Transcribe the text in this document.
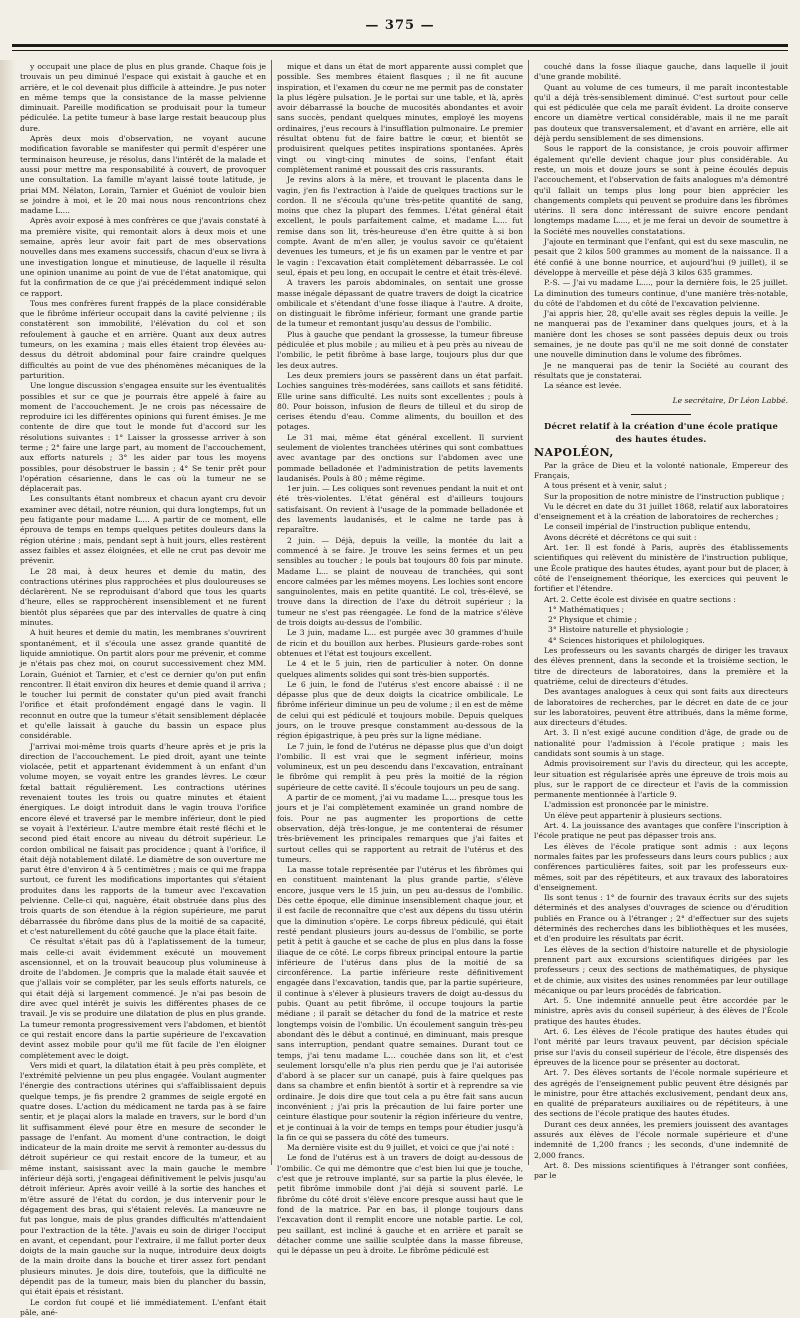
— 375 —

y occupait une place de plus en plus grande. Chaque fois je trouvais un peu diminué l'espace qui existait à gauche et en arrière, et le col devenait plus difficile à atteindre. Je pus noter en même temps que la consistance de la masse pelvienne diminuait. Pareille modification se produisait pour la tumeur pédiculée. La petite tumeur à base large restait beaucoup plus dure.

Après deux mois d'observation, ne voyant aucune modification favorable se manifester qui permît d'espérer une terminaison heureuse, je résolus, dans l'intérêt de la malade et aussi pour mettre ma responsabilité à couvert, de provoquer une consultation. La famille m'ayant laissé toute latitude, je priai MM. Nélaton, Lorain, Tarnier et Guéniot de vouloir bien se joindre à moi, et le 20 mai nous nous rencontrions chez madame L....

Après avoir exposé à mes confrères ce que j'avais constaté à ma première visite, qui remontait alors à deux mois et une semaine, après leur avoir fait part de mes observations nouvelles dans mes examens successifs, chacun d'eux se livra à une investigation longue et minutieuse, de laquelle il résulta une opinion unanime au point de vue de l'état anatomique, qui fut la confirmation de ce que j'ai précédemment indiqué selon ce rapport.

Tous mes confrères furent frappés de la place considérable que le fibrôme inférieur occupait dans la cavité pelvienne ; ils constatèrent son immobilité, l'élévation du col et son refoulement à gauche et en arrière. Quant aux deux autres tumeurs, on les examina ; mais elles étaient trop élevées au-dessus du détroit abdominal pour faire craindre quelques difficultés au point de vue des phénomènes mécaniques de la parturition.

Une longue discussion s'engagea ensuite sur les éventualités possibles et sur ce que je pourrais être appelé à faire au moment de l'accouchement. Je ne crois pas nécessaire de reproduire ici les différentes opinions qui furent émises. Je me contente de dire que tout le monde fut d'accord sur les résolutions suivantes : 1° Laisser la grossesse arriver à son terme ; 2° faire une large part, au moment de l'accouchement, aux efforts naturels ; 3° les aider par tous les moyens possibles, pour désobstruer le bassin ; 4° Se tenir prêt pour l'opération césarienne, dans le cas où la tumeur ne se déplacerait pas.

Les consultants étant nombreux et chacun ayant cru devoir examiner avec détail, notre réunion, qui dura longtemps, fut un peu fatigante pour madame L.... A partir de ce moment, elle éprouva de temps en temps quelques petites douleurs dans la région utérine ; mais, pendant sept à huit jours, elles restèrent assez faibles et assez éloignées, et elle ne crut pas devoir me prévenir.

Le 28 mai, à deux heures et demie du matin, des contractions utérines plus rapprochées et plus douloureuses se déclarèrent. Ne se reproduisant d'abord que tous les quarts d'heure, elles se rapprochèrent insensiblement et ne furent bientôt plus séparées que par des intervalles de quatre à cinq minutes.

A huit heures et demie du matin, les membranes s'ouvrirent spontanément, et il s'écoula une assez grande quantité de liquide amniotique. On partit alors pour me prévenir, et comme je n'étais pas chez moi, on courut successivement chez MM. Lorain, Guéniot et Tarnier, et c'est ce dernier qu'on put enfin rencontrer. Il était environ dix heures et demie quand il arriva ; le toucher lui permit de constater qu'un pied avait franchi l'orifice et était profondément engagé dans le vagin. Il reconnut en outre que la tumeur s'était sensiblement déplacée et qu'elle laissait à gauche du bassin un espace plus considérable.

J'arrivai moi-même trois quarts d'heure après et je pris la direction de l'accouchement. Le pied droit, ayant une teinte violacée, petit et appartenant évidemment à un enfant d'un volume moyen, se voyait entre les grandes lèvres. Le cœur fœtal battait régulièrement. Les contractions utérines revenaient toutes les trois ou quatre minutes et étaient énergiques. Le doigt introduit dans le vagin trouva l'orifice encore élevé et traversé par le membre inférieur, dont le pied se voyait à l'extérieur. L'autre membre était resté fléchi et le second pied était encore au niveau du détroit supérieur. Le cordon ombilical ne faisait pas procidence ; quant à l'orifice, il était déjà notablement dilaté. Le diamètre de son ouverture me parut être d'environ 4 à 5 centimètres ; mais ce qui me frappa surtout, ce furent les modifications importantes qui s'étaient produites dans les rapports de la tumeur avec l'excavation pelvienne. Celle-ci qui, naguère, était obstruée dans plus des trois quarts de son étendue à la région supérieure, me parut débarrassée du fibrôme dans plus de la moitié de sa capacité, et c'est naturellement du côté gauche que la place était faite.

Ce résultat s'était pas dû à l'aplatissement de la tumeur, mais celle-ci avait évidemment exécuté un mouvement ascensionnel, et on la trouvait beaucoup plus volumineuse à droite de l'abdomen. Je compris que la malade était sauvée et que j'allais voir se compléter, par les seuls efforts naturels, ce qui était déjà si largement commencé. Je n'ai pas besoin de dire avec quel intérêt je suivis les différentes phases de ce travail. Je vis se produire une dilatation de plus en plus grande. La tumeur remonta progressivement vers l'abdomen, et bientôt ce qui restait encore dans la partie supérieure de l'excavation devint assez mobile pour qu'il me fût facile de l'en éloigner complètement avec le doigt.

Vers midi et quart, la dilatation était à peu près complète, et l'extrémité pelvienne un peu plus engagée. Voulant augmenter l'énergie des contractions utérines qui s'affaiblissaient depuis quelque temps, je fis prendre 2 grammes de seigle ergoté en quatre doses. L'action du médicament ne tarda pas à se faire sentir, et je plaçai alors la malade en travers, sur le bord d'un lit suffisamment élevé pour être en mesure de seconder le passage de l'enfant. Au moment d'une contraction, le doigt indicateur de la main droite me servit à remonter au-dessus du détroit supérieur ce qui restait encore de la tumeur, et au même instant, saisissant avec la main gauche le membre inférieur déjà sorti, j'engageai définitivement le pelvis jusqu'au détroit inférieur. Après avoir veillé à la sortie des hanches et m'être assuré de l'état du cordon, je dus intervenir pour le dégagement des bras, qui s'étaient relevés. La manœuvre ne fut pas longue, mais de plus grandes difficultés m'attendaient pour l'extraction de la tête. J'avais eu soin de diriger l'occiput en avant, et cependant, pour l'extraire, il me fallut porter deux doigts de la main gauche sur la nuque, introduire deux doigts de la main droite dans la bouche et tirer assez fort pendant plusieurs minutes. Je dois dire, toutefois, que la difficulté ne dépendit pas de la tumeur, mais bien du plancher du bassin, qui était épais et résistant.

Le cordon fut coupé et lié immédiatement. L'enfant était pâle, ané-

mique et dans un état de mort apparente aussi complet que possible. Ses membres étaient flasques ; il ne fit aucune inspiration, et l'examen du cœur ne me permit pas de constater la plus légère pulsation. Je le portai sur une table, et là, après avoir débarrassé la bouche de mucosités abondantes et avoir sans succès, pendant quelques minutes, employé les moyens ordinaires, j'eus recours à l'insufflation pulmonaire. Le premier résultat obtenu fut de faire battre le cœur, et bientôt se produisirent quelques petites inspirations spontanées. Après vingt ou vingt-cinq minutes de soins, l'enfant était complètement ranimé et poussait des cris rassurants.

Je revins alors à la mère, et trouvant le placenta dans le vagin, j'en fis l'extraction à l'aide de quelques tractions sur le cordon. Il ne s'écoula qu'une très-petite quantité de sang, moins que chez la plupart des femmes. L'état général était excellent, le pouls parfaitement calme, et madame L.... fut remise dans son lit, très-heureuse d'en être quitte à si bon compte. Avant de m'en aller, je voulus savoir ce qu'étaient devenues les tumeurs, et je fis un examen par le ventre et par le vagin : l'excavation était complètement débarrassée. Le col seul, épais et peu long, en occupait le centre et était très-élevé.

A travers les parois abdominales, on sentait une grosse masse inégale dépassant de quatre travers de doigt la cicatrice ombilicale et s'étendant d'une fosse iliaque à l'autre. A droite, on distinguait le fibrôme inférieur, formant une grande partie de la tumeur et remontant jusqu'au dessus de l'ombilic.

Plus à gauche que pendant la grossesse, la tumeur fibreuse pédiculée et plus mobile ; au milieu et à peu près au niveau de l'ombilic, le petit fibrôme à base large, toujours plus dur que les deux autres.

Les deux premiers jours se passèrent dans un état parfait. Lochies sanguines très-modérées, sans caillots et sans fétidité. Elle urine sans difficulté. Les nuits sont excellentes ; pouls à 80. Pour boisson, infusion de fleurs de tilleul et du sirop de cerises étendu d'eau. Comme aliments, du bouillon et des potages.

Le 31 mai, même état général excellent. Il survient seulement de violentes tranchées utérines qui sont combattues avec avantage par des onctions sur l'abdomen avec une pommade belladonée et l'administration de petits lavements laudanisés. Pouls à 80 ; même régime.

1er juin. — Les coliques sont revenues pendant la nuit et ont été très-violentes. L'état général est d'ailleurs toujours satisfaisant. On revient à l'usage de la pommade belladonée et des lavements laudanisés, et le calme ne tarde pas à reparaître.

2 juin. — Déjà, depuis la veille, la montée du lait a commencé à se faire. Je trouve les seins fermes et un peu sensibles au toucher ; le pouls bat toujours 80 fois par minute. Madame L... se plaint de nouveau de tranchées, qui sont encore calmées par les mêmes moyens. Les lochies sont encore sanguinolentes, mais en petite quantité. Le col, très-élevé, se trouve dans la direction de l'axe du détroit supérieur ; la tumeur ne s'est pas réengagée. Le fond de la matrice s'élève de trois doigts au-dessus de l'ombilic.

Le 3 juin, madame L... est purgée avec 30 grammes d'huile de ricin et du bouillon aux herbes. Plusieurs garde-robes sont obtenues et l'état est toujours excellent.

Le 4 et le 5 juin, rien de particulier à noter. On donne quelques aliments solides qui sont très-bien supportés.

Le 6 juin, le fond de l'utérus s'est encore abaissé : il ne dépasse plus que de deux doigts la cicatrice ombilicale. Le fibrôme inférieur diminue un peu de volume ; il en est de même de celui qui est pédiculé et toujours mobile. Depuis quelques jours, on le trouve presque constamment au-dessous de la région épigastrique, à peu près sur la ligne médiane.

Le 7 juin, le fond de l'utérus ne dépasse plus que d'un doigt l'ombilic. Il est vrai que le segment inférieur, moins volumineux, est un peu descendu dans l'excavation, entraînant le fibrôme qui remplit à peu près la moitié de la région supérieure de cette cavité. Il s'écoule toujours un peu de sang.

A partir de ce moment, j'ai vu madame L.... presque tous les jours et je l'ai complètement examinée un grand nombre de fois. Pour ne pas augmenter les proportions de cette observation, déjà très-longue, je me contenterai de résumer très-brièvement les principales remarques que j'ai faites et surtout celles qui se rapportent au retrait de l'utérus et des tumeurs.

La masse totale représentée par l'utérus et les fibrômes qui en constituent maintenant la plus grande partie, s'élève encore, jusque vers le 15 juin, un peu au-dessus de l'ombilic. Dès cette époque, elle diminue insensiblement chaque jour, et il est facile de reconnaître que c'est aux dépens du tissu utérin que la diminution s'opère. Le corps fibreux pédiculé, qui était resté pendant plusieurs jours au-dessus de l'ombilic, se porte petit à petit à gauche et se cache de plus en plus dans la fosse iliaque de ce côté. Le corps fibreux principal entoure la partie inférieure de l'utérus dans plus de la moitié de sa circonférence. La partie inférieure reste définitivement engagée dans l'excavation, tandis que, par la partie supérieure, il continue à s'élever à plusieurs travers de doigt au-dessus du pubis. Quant au petit fibrôme, il occupe toujours la partie médiane ; il paraît se détacher du fond de la matrice et reste longtemps voisin de l'ombilic. Un écoulement sanguin très-peu abondant dès le début a continué, en diminuant, mais presque sans interruption, pendant quatre semaines. Durant tout ce temps, j'ai tenu madame L... couchée dans son lit, et c'est seulement lorsqu'elle n'a plus rien perdu que je l'ai autorisée d'abord à se placer sur un canapé, puis à faire quelques pas dans sa chambre et enfin bientôt à sortir et à reprendre sa vie ordinaire. Je dois dire que tout cela a pu être fait sans aucun inconvénient ; j'ai pris la précaution de lui faire porter une ceinture élastique pour soutenir la région inférieure du ventre, et je continuai à la voir de temps en temps pour étudier jusqu'à la fin ce qui se passera du côté des tumeurs.

Ma dernière visite est du 9 juillet, et voici ce que j'ai noté :

Le fond de l'utérus est à un travers de doigt au-dessous de l'ombilic. Ce qui me démontre que c'est bien lui que je touche, c'est que je retrouve implanté, sur sa partie la plus élevée, le petit fibrôme immobile dont j'ai déjà si souvent parlé. Le fibrôme du côté droit s'élève encore presque aussi haut que le fond de la matrice. Par en bas, il plonge toujours dans l'excavation dont il remplit encore une notable partie. Le col, peu saillant, est incliné à gauche et en arrière et paraît se détacher comme une saillie sculptée dans la masse fibreuse, qui le dépasse un peu à droite. Le fibrôme pédiculé est

couché dans la fosse iliaque gauche, dans laquelle il jouit d'une grande mobilité.

Quant au volume de ces tumeurs, il me paraît incontestable qu'il a déjà très-sensiblement diminué. C'est surtout pour celle qui est pédiculée que cela me paraît évident. La droite conserve encore un diamètre vertical considérable, mais il ne me paraît pas douteux que transversalement, et d'avant en arrière, elle ait déjà perdu sensiblement de ses dimensions.

Sous le rapport de la consistance, je crois pouvoir affirmer également qu'elle devient chaque jour plus considérable. Au reste, un mois et douze jours se sont à peine écoulés depuis l'accouchement, et l'observation de faits analogues m'a démontré qu'il fallait un temps plus long pour bien apprécier les changements complets qui peuvent se produire dans les fibrômes utérins. Il sera donc intéressant de suivre encore pendant longtemps madame L...., et je me ferai un devoir de soumettre à la Société mes nouvelles constatations.

J'ajoute en terminant que l'enfant, qui est du sexe masculin, ne pesait que 2 kilos 500 grammes au moment de la naissance. Il a été confié à une bonne nourrice, et aujourd'hui (9 juillet), il se développe à merveille et pèse déjà 3 kilos 635 grammes.

P.-S. — J'ai vu madame L...., pour la dernière fois, le 25 juillet. La diminution des tumeurs continue, d'une manière très-notable, du côté de l'abdomen et du côté de l'excavation pelvienne.

J'ai appris hier, 28, qu'elle avait ses règles depuis la veille. Je ne manquerai pas de l'examiner dans quelques jours, et à la manière dont les choses se sont passées depuis deux ou trois semaines, je ne doute pas qu'il ne me soit donné de constater une nouvelle diminution dans le volume des fibrômes.

Je ne manquerai pas de tenir la Société au courant des résultats que je constaterai.

La séance est levée.

Le secrétaire, Dr Léon Labbé.

Décret relatif à la création d'une école pratique

des hautes études.

NAPOLÉON,

Par la grâce de Dieu et la volonté nationale, Empereur des Français,

A tous présent et à venir, salut ;

Sur la proposition de notre ministre de l'instruction publique ;

Vu le décret en date du 31 juillet 1868, relatif aux laboratoires d'enseignement et à la création de laboratoires de recherches ;

Le conseil impérial de l'instruction publique entendu,

Avons décrété et décrétons ce qui suit :

Art. 1er. Il est fondé à Paris, auprès des établissements scientifiques qui relèvent du ministère de l'instruction publique, une École pratique des hautes études, ayant pour but de placer, à côté de l'enseignement théorique, les exercices qui peuvent le fortifier et l'étendre.

Art. 2. Cette école est divisée en quatre sections :

1° Mathématiques ;

2° Physique et chimie ;

3° Histoire naturelle et physiologie ;

4° Sciences historiques et philologiques.

Les professeurs ou les savants chargés de diriger les travaux des élèves prennent, dans la seconde et la troisième section, le titre de directeurs de laboratoires, dans la première et la quatrième, celui de directeurs d'études.

Des avantages analogues à ceux qui sont faits aux directeurs de laboratoires de recherches, par le décret en date de ce jour sur les laboratoires, peuvent être attribués, dans la même forme, aux directeurs d'études.

Art. 3. Il n'est exigé aucune condition d'âge, de grade ou de nationalité pour l'admission à l'école pratique ; mais les candidats sont soumis à un stage.

Admis provisoirement sur l'avis du directeur, qui les accepte, leur situation est régularisée après une épreuve de trois mois au plus, sur le rapport de ce directeur et l'avis de la commission permanente mentionnée à l'article 9.

L'admission est prononcée par le ministre.

Un élève peut appartenir à plusieurs sections.

Art. 4. La jouissance des avantages que confère l'inscription à l'école pratique ne peut pas dépasser trois ans.

Les élèves de l'école pratique sont admis : aux leçons normales faites par les professeurs dans leurs cours publics ; aux conférences particulières faites, soit par les professeurs eux-mêmes, soit par des répétiteurs, et aux travaux des laboratoires d'enseignement.

Ils sont tenus : 1° de fournir des travaux écrits sur des sujets déterminés et des analyses d'ouvrages de science ou d'érudition publiés en France ou à l'étranger ; 2° d'effectuer sur des sujets déterminés des recherches dans les bibliothèques et les musées, et d'en produire les résultats par écrit.

Les élèves de la section d'histoire naturelle et de physiologie prennent part aux excursions scientifiques dirigées par les professeurs ; ceux des sections de mathématiques, de physique et de chimie, aux visites des usines renommées par leur outillage mécanique ou par leurs procédés de fabrication.

Art. 5. Une indemnité annuelle peut être accordée par le ministre, après avis du conseil supérieur, à des élèves de l'École pratique des hautes études.

Art. 6. Les élèves de l'école pratique des hautes études qui l'ont mérité par leurs travaux peuvent, par décision spéciale prise sur l'avis du conseil supérieur de l'école, être dispensés des épreuves de la licence pour se présenter au doctorat.

Art. 7. Des élèves sortants de l'école normale supérieure et des agrégés de l'enseignement public peuvent être désignés par le ministre, pour être attachés exclusivement, pendant deux ans, en qualité de préparateurs auxiliaires ou de répétiteurs, à une des sections de l'école pratique des hautes études.

Durant ces deux années, les premiers jouissent des avantages assurés aux élèves de l'école normale supérieure et d'une indemnité de 1,200 francs ; les seconds, d'une indemnité de 2,000 francs.

Art. 8. Des missions scientifiques à l'étranger sont confiées, par le
